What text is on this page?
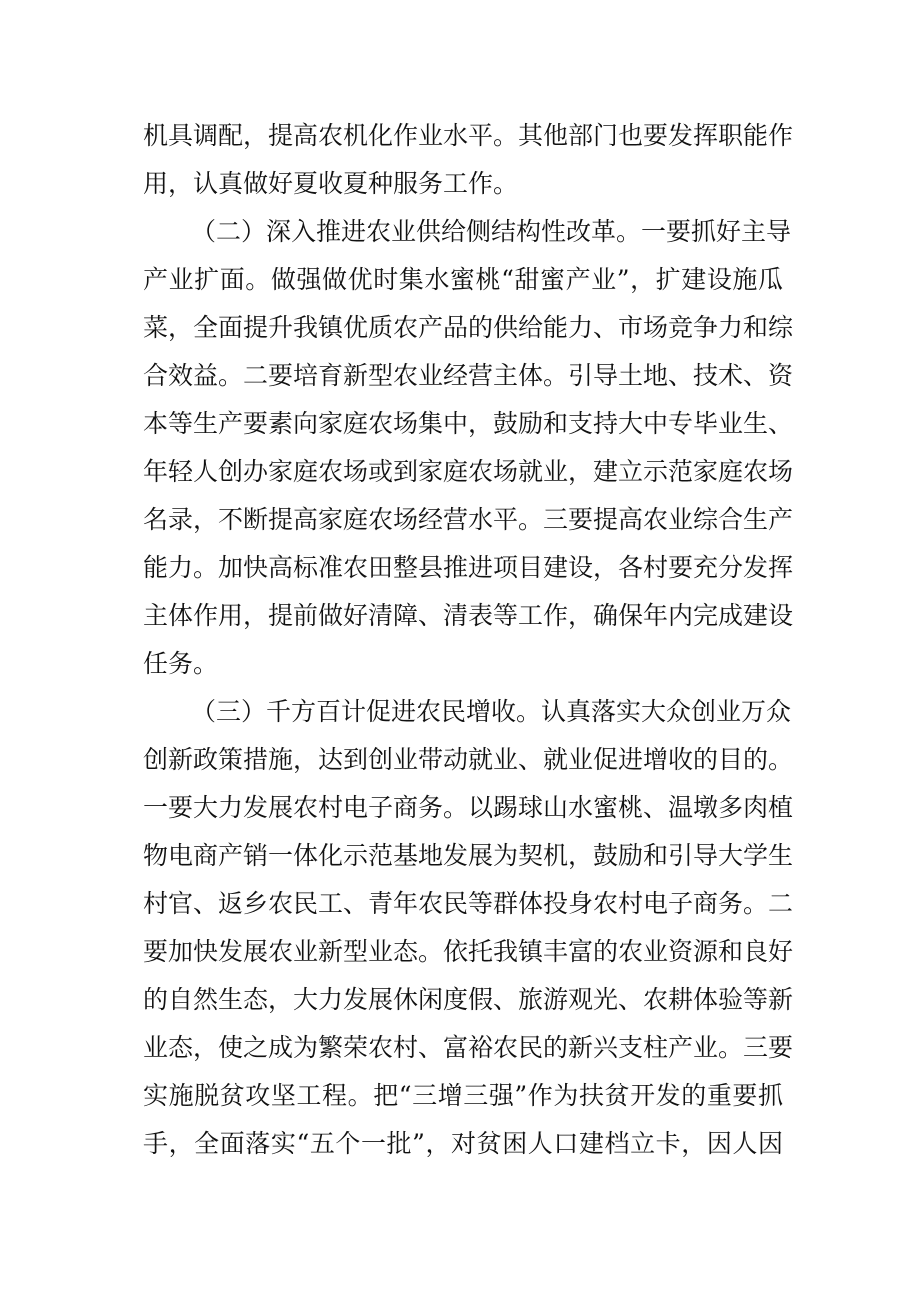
机具调配，提高农机化作业水平。其他部门也要发挥职能作
用，认真做好夏收夏种服务工作。
（二）深入推进农业供给侧结构性改革。一要抓好主导
产业扩面。做强做优时集水蜜桃“甜蜜产业”，扩建设施瓜
菜，全面提升我镇优质农产品的供给能力、市场竞争力和综
合效益。二要培育新型农业经营主体。引导土地、技术、资
本等生产要素向家庭农场集中，鼓励和支持大中专毕业生、
年轻人创办家庭农场或到家庭农场就业，建立示范家庭农场
名录，不断提高家庭农场经营水平。三要提高农业综合生产
能力。加快高标准农田整县推进项目建设，各村要充分发挥
主体作用，提前做好清障、清表等工作，确保年内完成建设
任务。
（三）千方百计促进农民增收。认真落实大众创业万众
创新政策措施，达到创业带动就业、就业促进增收的目的。
一要大力发展农村电子商务。以踢球山水蜜桃、温墩多肉植
物电商产销一体化示范基地发展为契机，鼓励和引导大学生
村官、返乡农民工、青年农民等群体投身农村电子商务。二
要加快发展农业新型业态。依托我镇丰富的农业资源和良好
的自然生态，大力发展休闲度假、旅游观光、农耕体验等新
业态，使之成为繁荣农村、富裕农民的新兴支柱产业。三要
实施脱贫攻坚工程。把“三增三强”作为扶贫开发的重要抓
手，全面落实“五个一批”，对贫困人口建档立卡，因人因
